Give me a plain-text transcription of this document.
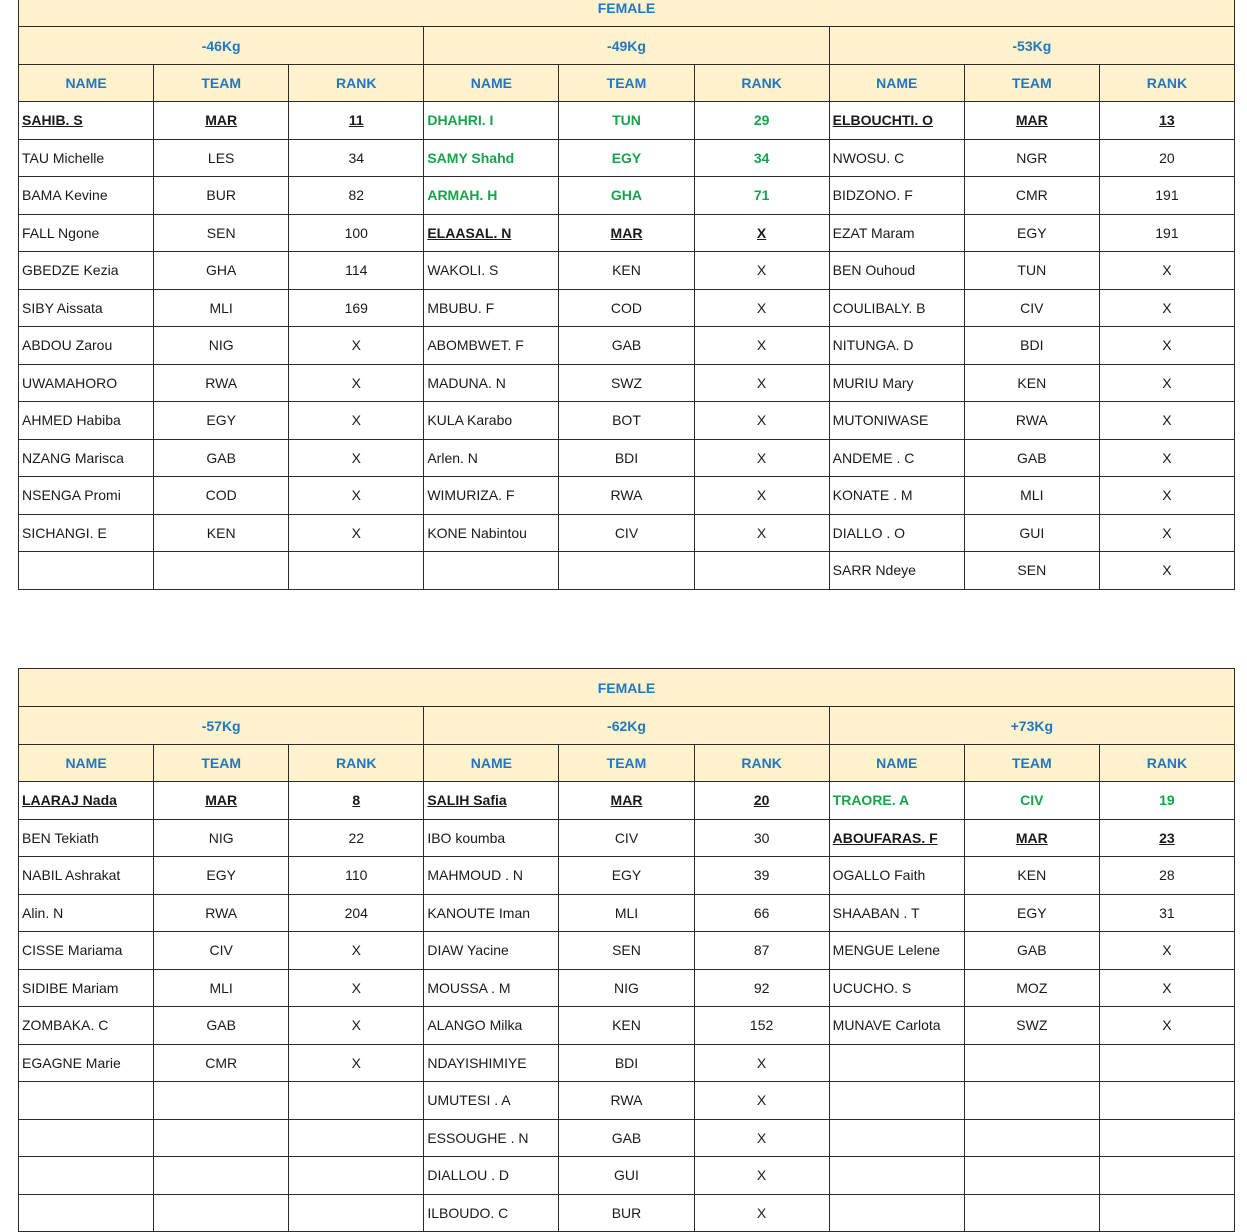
FEMALE								
-46Kg			-49Kg			-53Kg		
NAME	TEAM	RANK	NAME	TEAM	RANK	NAME	TEAM	RANK
SAHIB. S	MAR	11	DHAHRI. I	TUN	29	ELBOUCHTI. O	MAR	13
TAU Michelle	LES	34	SAMY Shahd	EGY	34	NWOSU. C	NGR	20
BAMA Kevine	BUR	82	ARMAH. H	GHA	71	BIDZONO. F	CMR	191
FALL Ngone	SEN	100	ELAASAL. N	MAR	X	EZAT Maram	EGY	191
GBEDZE Kezia	GHA	114	WAKOLI. S	KEN	X	BEN Ouhoud	TUN	X
SIBY Aissata	MLI	169	MBUBU. F	COD	X	COULIBALY. B	CIV	X
ABDOU Zarou	NIG	X	ABOMBWET. F	GAB	X	NITUNGA. D	BDI	X
UWAMAHORO	RWA	X	MADUNA. N	SWZ	X	MURIU Mary	KEN	X
AHMED Habiba	EGY	X	KULA Karabo	BOT	X	MUTONIWASE	RWA	X
NZANG Marisca	GAB	X	Arlen. N	BDI	X	ANDEME . C	GAB	X
NSENGA Promi	COD	X	WIMURIZA. F	RWA	X	KONATE . M	MLI	X
SICHANGI. E	KEN	X	KONE Nabintou	CIV	X	DIALLO . O	GUI	X
						SARR Ndeye	SEN	X
FEMALE								
-57Kg			-62Kg			+73Kg		
NAME	TEAM	RANK	NAME	TEAM	RANK	NAME	TEAM	RANK
LAARAJ Nada	MAR	8	SALIH Safia	MAR	20	TRAORE. A	CIV	19
BEN Tekiath	NIG	22	IBO koumba	CIV	30	ABOUFARAS. F	MAR	23
NABIL Ashrakat	EGY	110	MAHMOUD . N	EGY	39	OGALLO Faith	KEN	28
Alin. N	RWA	204	KANOUTE Iman	MLI	66	SHAABAN . T	EGY	31
CISSE Mariama	CIV	X	DIAW Yacine	SEN	87	MENGUE Lelene	GAB	X
SIDIBE Mariam	MLI	X	MOUSSA . M	NIG	92	UCUCHO. S	MOZ	X
ZOMBAKA. C	GAB	X	ALANGO Milka	KEN	152	MUNAVE Carlota	SWZ	X
EGAGNE Marie	CMR	X	NDAYISHIMIYE	BDI	X			
			UMUTESI . A	RWA	X			
			ESSOUGHE . N	GAB	X			
			DIALLOU . D	GUI	X			
			ILBOUDO. C	BUR	X			
